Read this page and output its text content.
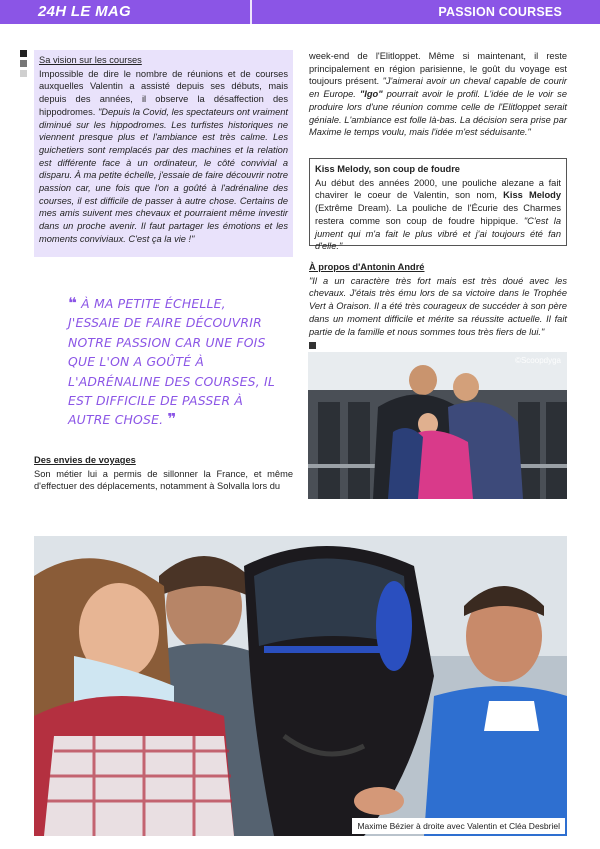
24H LE MAG	PASSION COURSES
Sa vision sur les courses

Impossible de dire le nombre de réunions et de courses auxquelles Valentin a assisté depuis ses débuts, mais depuis des années, il observe la désaffection des hippodromes. "Depuis la Covid, les spectateurs ont vraiment diminué sur les hippodromes. Les turfistes historiques ne viennent presque plus et l'ambiance est très calme. Les guichetiers sont remplacés par des machines et la relation est différente face à un ordinateur, le côté convivial a disparu. À ma petite échelle, j'essaie de faire découvrir notre passion car, une fois que l'on a goûté à l'adrénaline des courses, il est difficile de passer à autre chose. Certains de mes amis suivent mes chevaux et pourraient même investir dans un proche avenir. Il faut partager les émotions et les moments conviviaux. C'est ça la vie !"

❝ À MA PETITE ÉCHELLE, J'ESSAIE DE FAIRE DÉCOUVRIR NOTRE PASSION CAR UNE FOIS QUE L'ON A GOÛTÉ À L'ADRÉNALINE DES COURSES, IL EST DIFFICILE DE PASSER À AUTRE CHOSE. ❞
Des envies de voyages

Son métier lui a permis de sillonner la France, et même d'effectuer des déplacements, notamment à Solvalla lors du

week-end de l'Elitloppet. Même si maintenant, il reste principalement en région parisienne, le goût du voyage est toujours présent. "J'aimerai avoir un cheval capable de courir en Europe. "Igo" pourrait avoir le profil. L'idée de le voir se produire lors d'une réunion comme celle de l'Elitloppet serait géniale. L'ambiance est folle là-bas. La décision sera prise par Maxime le temps voulu, mais l'idée m'est séduisante."

Kiss Melody, son coup de foudre

Au début des années 2000, une pouliche alezane a fait chavirer le coeur de Valentin, son nom, Kiss Melody (Extrême Dream). La pouliche de l'Écurie des Charmes restera comme son coup de foudre hippique. "C'est la jument qui m'a fait le plus vibré et j'ai toujours été fan d'elle."

À propos d'Antonin André

"Il a un caractère très fort mais est très doué avec les chevaux. J'étais très ému lors de sa victoire dans le Trophée Vert à Oraison. Il a été très courageux de succéder à son père dans un moment difficile et mérite sa réussite actuelle. Il fait partie de la famille et nous sommes tous très fiers de lui."

©Scoopdyga
Maxime Bézier à droite avec Valentin et Cléa Desbriel
